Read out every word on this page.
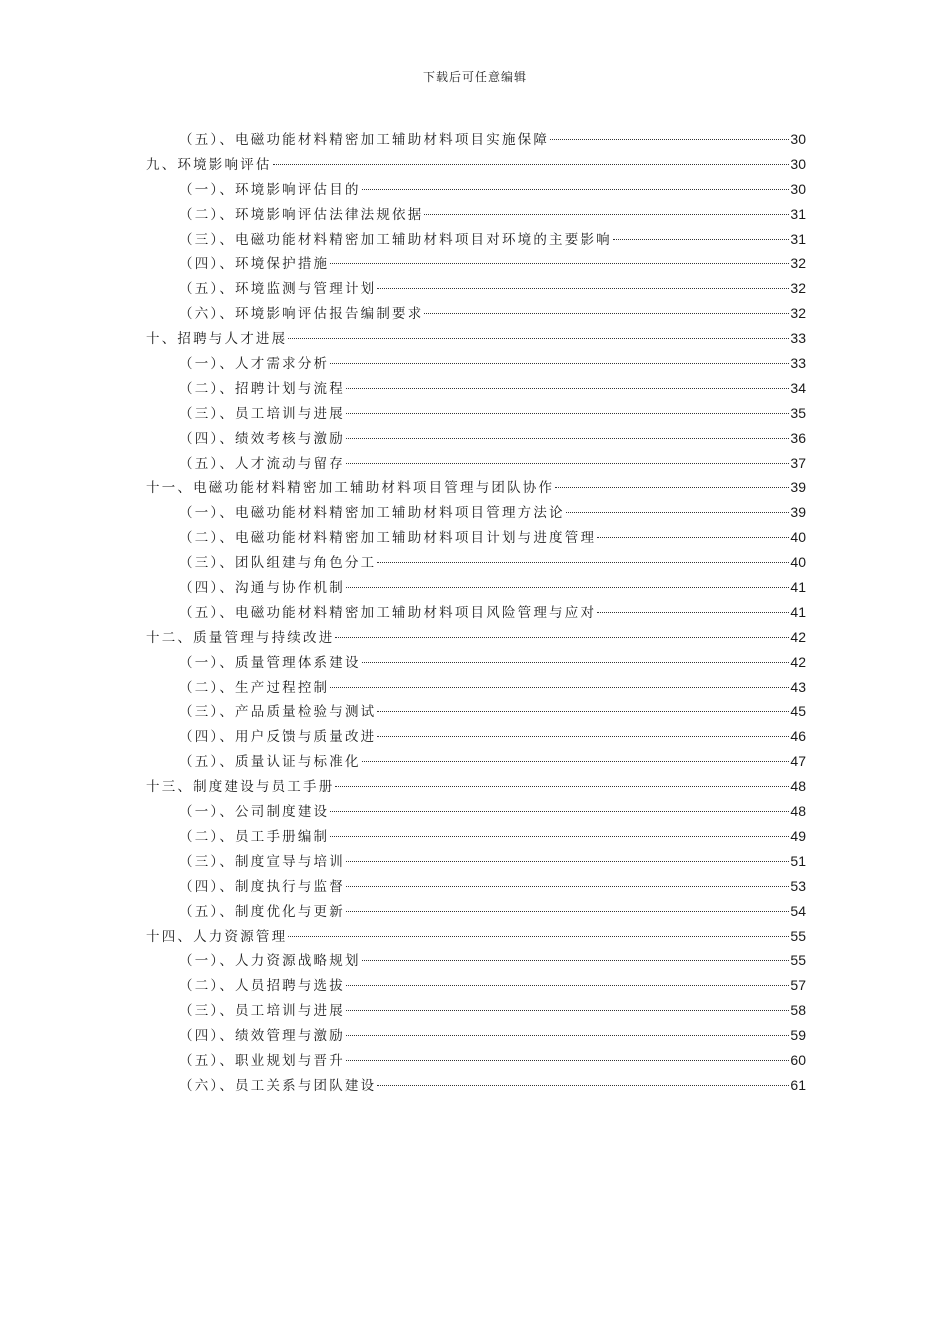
下载后可任意编辑
（五）、电磁功能材料精密加工辅助材料项目实施保障	30
九、环境影响评估	30
（一）、环境影响评估目的	30
（二）、环境影响评估法律法规依据	31
（三）、电磁功能材料精密加工辅助材料项目对环境的主要影响	31
（四）、环境保护措施	32
（五）、环境监测与管理计划	32
（六）、环境影响评估报告编制要求	32
十、招聘与人才进展	33
（一）、人才需求分析	33
（二）、招聘计划与流程	34
（三）、员工培训与进展	35
（四）、绩效考核与激励	36
（五）、人才流动与留存	37
十一、电磁功能材料精密加工辅助材料项目管理与团队协作	39
（一）、电磁功能材料精密加工辅助材料项目管理方法论	39
（二）、电磁功能材料精密加工辅助材料项目计划与进度管理	40
（三）、团队组建与角色分工	40
（四）、沟通与协作机制	41
（五）、电磁功能材料精密加工辅助材料项目风险管理与应对	41
十二、质量管理与持续改进	42
（一）、质量管理体系建设	42
（二）、生产过程控制	43
（三）、产品质量检验与测试	45
（四）、用户反馈与质量改进	46
（五）、质量认证与标准化	47
十三、制度建设与员工手册	48
（一）、公司制度建设	48
（二）、员工手册编制	49
（三）、制度宣导与培训	51
（四）、制度执行与监督	53
（五）、制度优化与更新	54
十四、人力资源管理	55
（一）、人力资源战略规划	55
（二）、人员招聘与选拔	57
（三）、员工培训与进展	58
（四）、绩效管理与激励	59
（五）、职业规划与晋升	60
（六）、员工关系与团队建设	61
